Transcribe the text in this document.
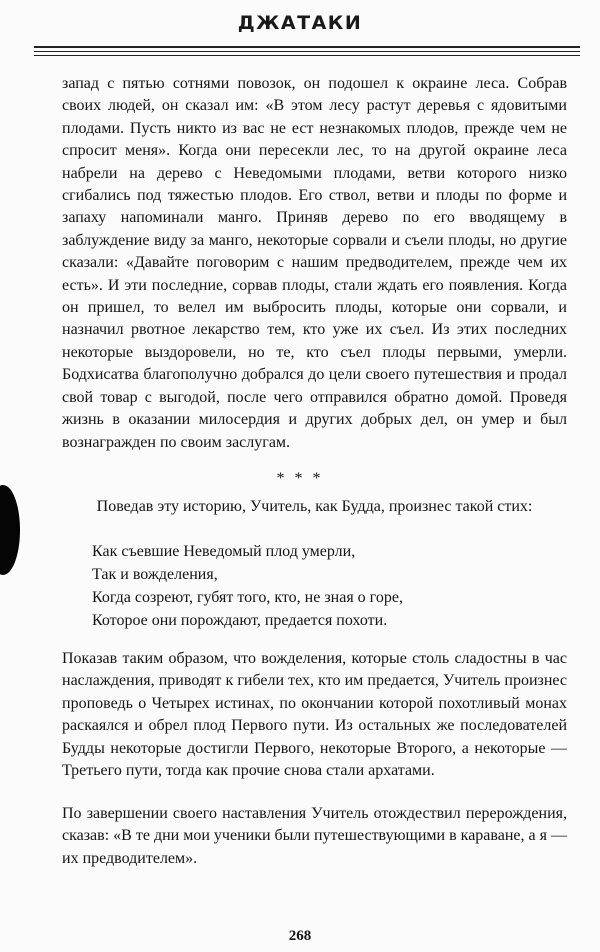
ДЖАТАКИ

запад с пятью сотнями повозок, он подошел к окраине леса. Собрав своих людей, он сказал им: «В этом лесу растут деревья с ядовитыми плодами. Пусть никто из вас не ест незнакомых плодов, прежде чем не спросит меня». Когда они пересекли лес, то на другой окраине леса набрели на дерево с Неведомыми плодами, ветви которого низко сгибались под тяжестью плодов. Его ствол, ветви и плоды по форме и запаху напоминали манго. Приняв дерево по его вводящему в заблуждение виду за манго, некоторые сорвали и съели плоды, но другие сказали: «Давайте поговорим с нашим предводителем, прежде чем их есть». И эти последние, сорвав плоды, стали ждать его появления. Когда он пришел, то велел им выбросить плоды, которые они сорвали, и назначил рвотное лекарство тем, кто уже их съел. Из этих последних некоторые выздоровели, но те, кто съел плоды первыми, умерли. Бодхисатва благополучно добрался до цели своего путешествия и продал свой товар с выгодой, после чего отправился обратно домой. Проведя жизнь в оказании милосердия и других добрых дел, он умер и был вознагражден по своим заслугам.

* * *
Поведав эту историю, Учитель, как Будда, произнес такой стих:
Как съевшие Неведомый плод умерли,
Так и вожделения,
Когда созреют, губят того, кто, не зная о горе,
Которое они порождают, предается похоти.
Показав таким образом, что вожделения, которые столь сладостны в час наслаждения, приводят к гибели тех, кто им предается, Учитель произнес проповедь о Четырех истинах, по окончании которой похотливый монах раскаялся и обрел плод Первого пути. Из остальных же последователей Будды некоторые достигли Первого, некоторые Второго, а некоторые — Третьего пути, тогда как прочие снова стали архатами.
По завершении своего наставления Учитель отождествил перерождения, сказав: «В те дни мои ученики были путешествующими в караване, а я — их предводителем».
268
